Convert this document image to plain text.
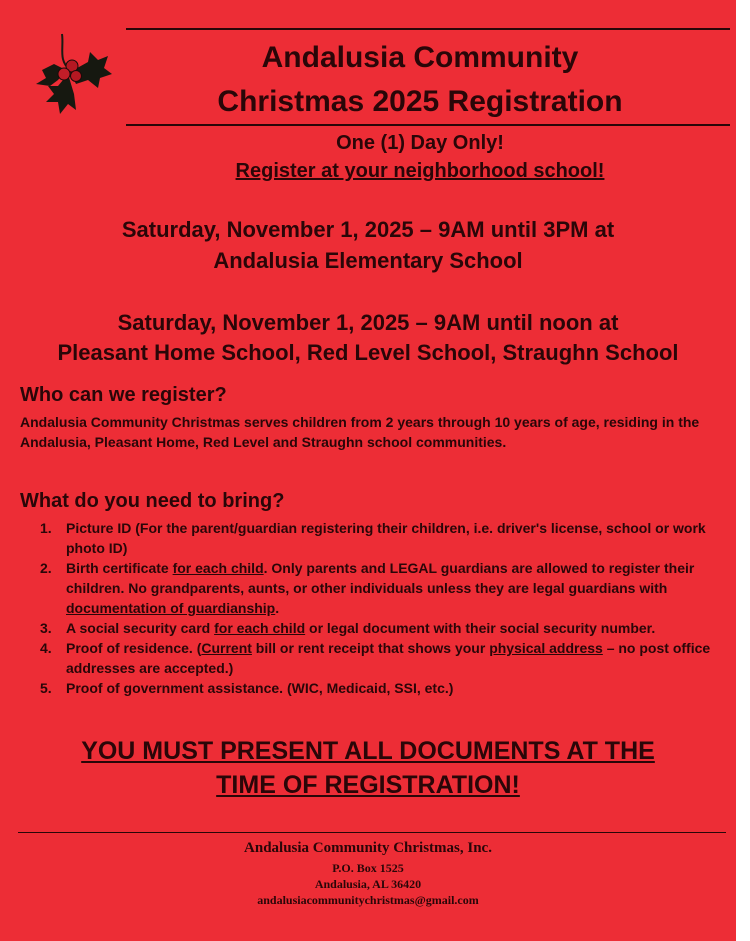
Andalusia Community
Christmas 2025 Registration
One (1) Day Only!
Register at your neighborhood school!
Saturday, November 1, 2025 – 9AM until 3PM at
Andalusia Elementary School
Saturday, November 1, 2025 – 9AM until noon at
Pleasant Home School, Red Level School, Straughn School
Who can we register?
Andalusia Community Christmas serves children from 2 years through 10 years of age, residing in the Andalusia, Pleasant Home, Red Level and Straughn school communities.
What do you need to bring?
1. Picture ID (For the parent/guardian registering their children, i.e. driver's license, school or work photo ID)
2. Birth certificate for each child. Only parents and LEGAL guardians are allowed to register their children. No grandparents, aunts, or other individuals unless they are legal guardians with documentation of guardianship.
3. A social security card for each child or legal document with their social security number.
4. Proof of residence. (Current bill or rent receipt that shows your physical address – no post office addresses are accepted.)
5. Proof of government assistance. (WIC, Medicaid, SSI, etc.)
YOU MUST PRESENT ALL DOCUMENTS AT THE
TIME OF REGISTRATION!
Andalusia Community Christmas, Inc.
P.O. Box 1525
Andalusia, AL 36420
andalusiacommunitychristmas@gmail.com
